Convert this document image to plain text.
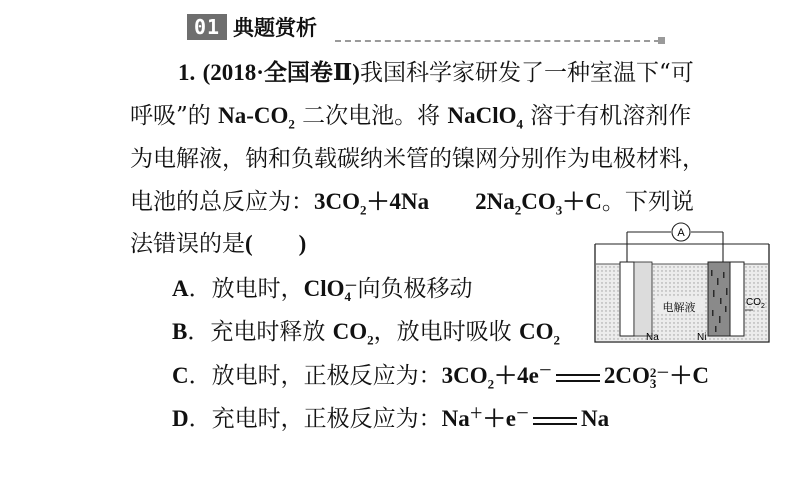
01 典题赏析
1. (2018·全国卷Ⅱ)我国科学家研发了一种室温下“可
呼吸”的 $Na-CO_2$ 二次电池。将 NaClO$_4$ 溶于有机溶剂作
为电解液，钠和负载碳纳米管的镍网分别作为电极材料，
电池的总反应为：$3CO_2+4Na$ $2Na_2CO_3+C$。下列说
法错误的是(　　)
A．放电时，ClO －
4 向负极移动
B．充电时释放 $CO_2$，放电时吸收 $CO_2$
C．放电时，正极反应为：$3CO_2+4e^-$ 2CO 2－
3 ＋C
D．充电时，正极反应为：Na＋＋e－ Na
A
电解液	$CO_2$
Na	Ni
